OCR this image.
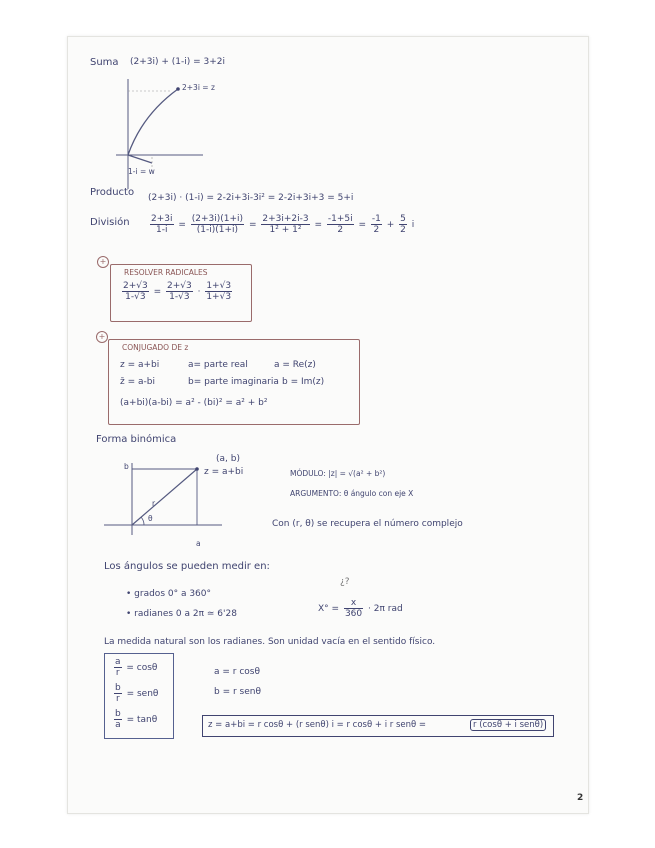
Suma (2+3i) + (1-i) = 3+2i
2+3i = z
1-i = w
Producto (2+3i) · (1-i) = 2-2i+3i-3i² = 2-2i+3i+3 = 5+i
División $\frac{2+3i}{1-i} = \frac{(2+3i)(1+i)}{(1-i)(1+i)} = \frac{2+3i+2i-3}{\text{1² + 1²}} = \frac{-1+5i}{2} = \frac{-1}{2} + \frac{5}{2}$ i
+
RESOLVER RADICALES
$\frac{2+√3}{1-√3} = \frac{2+√3}{1-√3} \cdot \frac{1+√3}{1+√3}$
+
CONJUGADO DE z
z = a+bi	a= parte real	a = Re(z)
z̄ = a-bi	b= parte imaginaria b = Im(z)
(a+bi)(a-bi) = a² - (bi)² = a² + b²
Forma binómica
b
a
r
θ
(a, b)
z = a+bi	MÓDULO: |z| = √(a² + b²)
ARGUMENTO: θ ángulo con eje X
Con (r, θ) se recupera el número complejo
Los ángulos se pueden medir en:
• grados 0° a 360°
• radianes 0 a 2π ≃ 6'28
¿?
$X^\circ = \frac{x}{360} \cdot 2\pi$ rad
La medida natural son los radianes. Son unidad vacía en el sentido físico.
$\frac{a}{r} = \cos\theta$
$\frac{b}{r} = sen\theta$
$\frac{b}{a} = \tan\theta$
a = r cosθ
b = r senθ
z = a+bi = r cosθ + (r senθ) i = r cosθ + i r senθ =	r (cosθ + i senθ)
2
